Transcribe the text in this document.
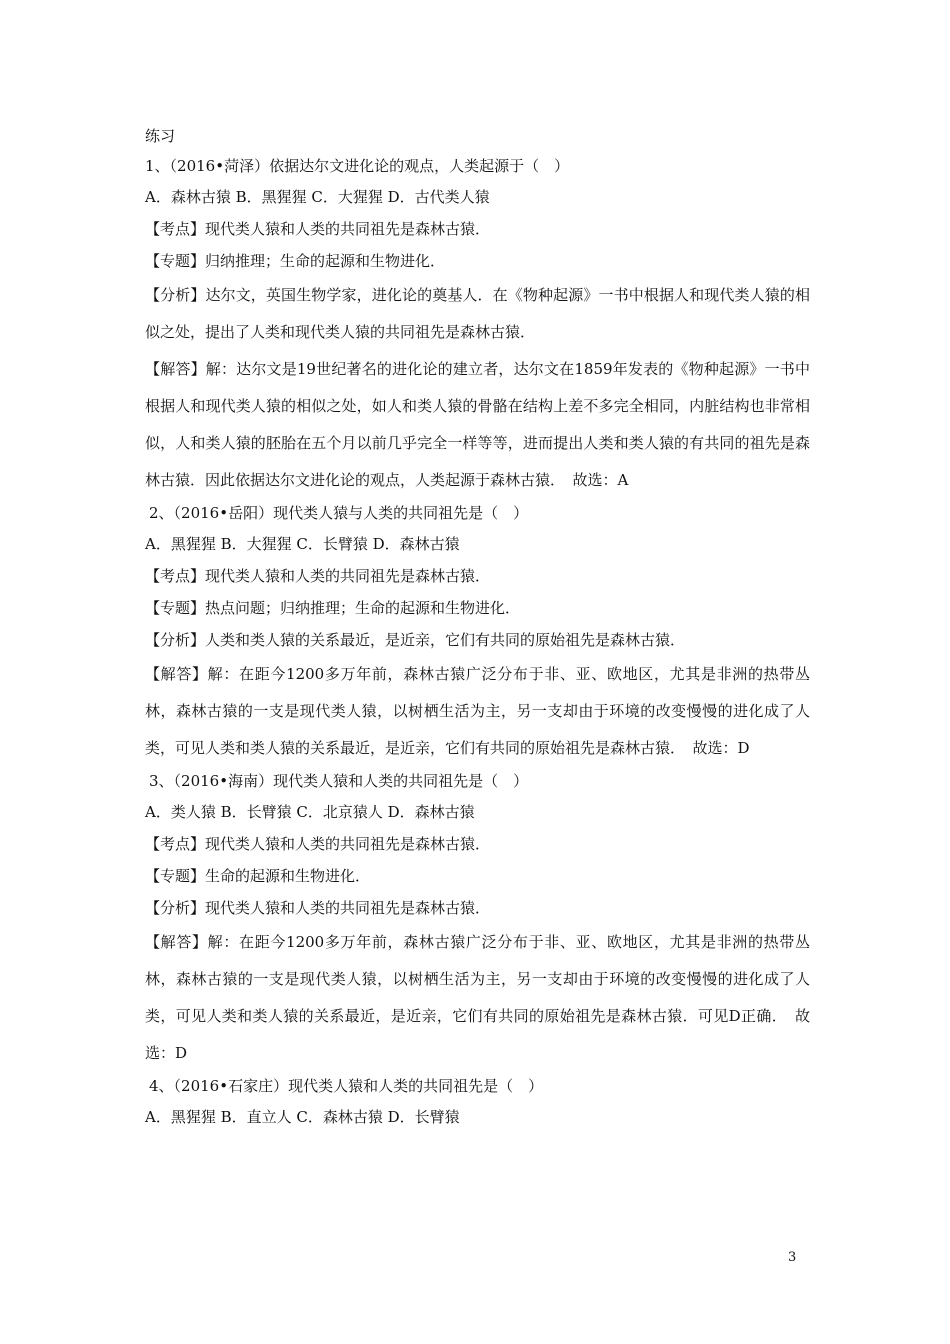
练习
1、（2016•菏泽）依据达尔文进化论的观点，人类起源于（　）
A．森林古猿 B．黑猩猩 C．大猩猩 D．古代类人猿
【考点】现代类人猿和人类的共同祖先是森林古猿．
【专题】归纳推理；生命的起源和生物进化．
【分析】达尔文，英国生物学家，进化论的奠基人．在《物种起源》一书中根据人和现代类人猿的相似之处，提出了人类和现代类人猿的共同祖先是森林古猿．
【解答】解：达尔文是19世纪著名的进化论的建立者，达尔文在1859年发表的《物种起源》一书中根据人和现代类人猿的相似之处，如人和类人猿的骨骼在结构上差不多完全相同，内脏结构也非常相似，人和类人猿的胚胎在五个月以前几乎完全一样等等，进而提出人类和类人猿的有共同的祖先是森林古猿．因此依据达尔文进化论的观点，人类起源于森林古猿．　故选：A
2、（2016•岳阳）现代类人猿与人类的共同祖先是（　）
A．黑猩猩 B．大猩猩 C．长臂猿 D．森林古猿
【考点】现代类人猿和人类的共同祖先是森林古猿．
【专题】热点问题；归纳推理；生命的起源和生物进化．
【分析】人类和类人猿的关系最近，是近亲，它们有共同的原始祖先是森林古猿．
【解答】解：在距今1200多万年前，森林古猿广泛分布于非、亚、欧地区，尤其是非洲的热带丛林，森林古猿的一支是现代类人猿，以树栖生活为主，另一支却由于环境的改变慢慢的进化成了人类，可见人类和类人猿的关系最近，是近亲，它们有共同的原始祖先是森林古猿．　故选：D
3、（2016•海南）现代类人猿和人类的共同祖先是（　）
A．类人猿 B．长臂猿 C．北京猿人 D．森林古猿
【考点】现代类人猿和人类的共同祖先是森林古猿．
【专题】生命的起源和生物进化．
【分析】现代类人猿和人类的共同祖先是森林古猿．
【解答】解：在距今1200多万年前，森林古猿广泛分布于非、亚、欧地区，尤其是非洲的热带丛林，森林古猿的一支是现代类人猿，以树栖生活为主，另一支却由于环境的改变慢慢的进化成了人类，可见人类和类人猿的关系最近，是近亲，它们有共同的原始祖先是森林古猿．可见D正确．　故选：D
4、（2016•石家庄）现代类人猿和人类的共同祖先是（　）
A．黑猩猩 B．直立人 C．森林古猿 D．长臂猿
3
